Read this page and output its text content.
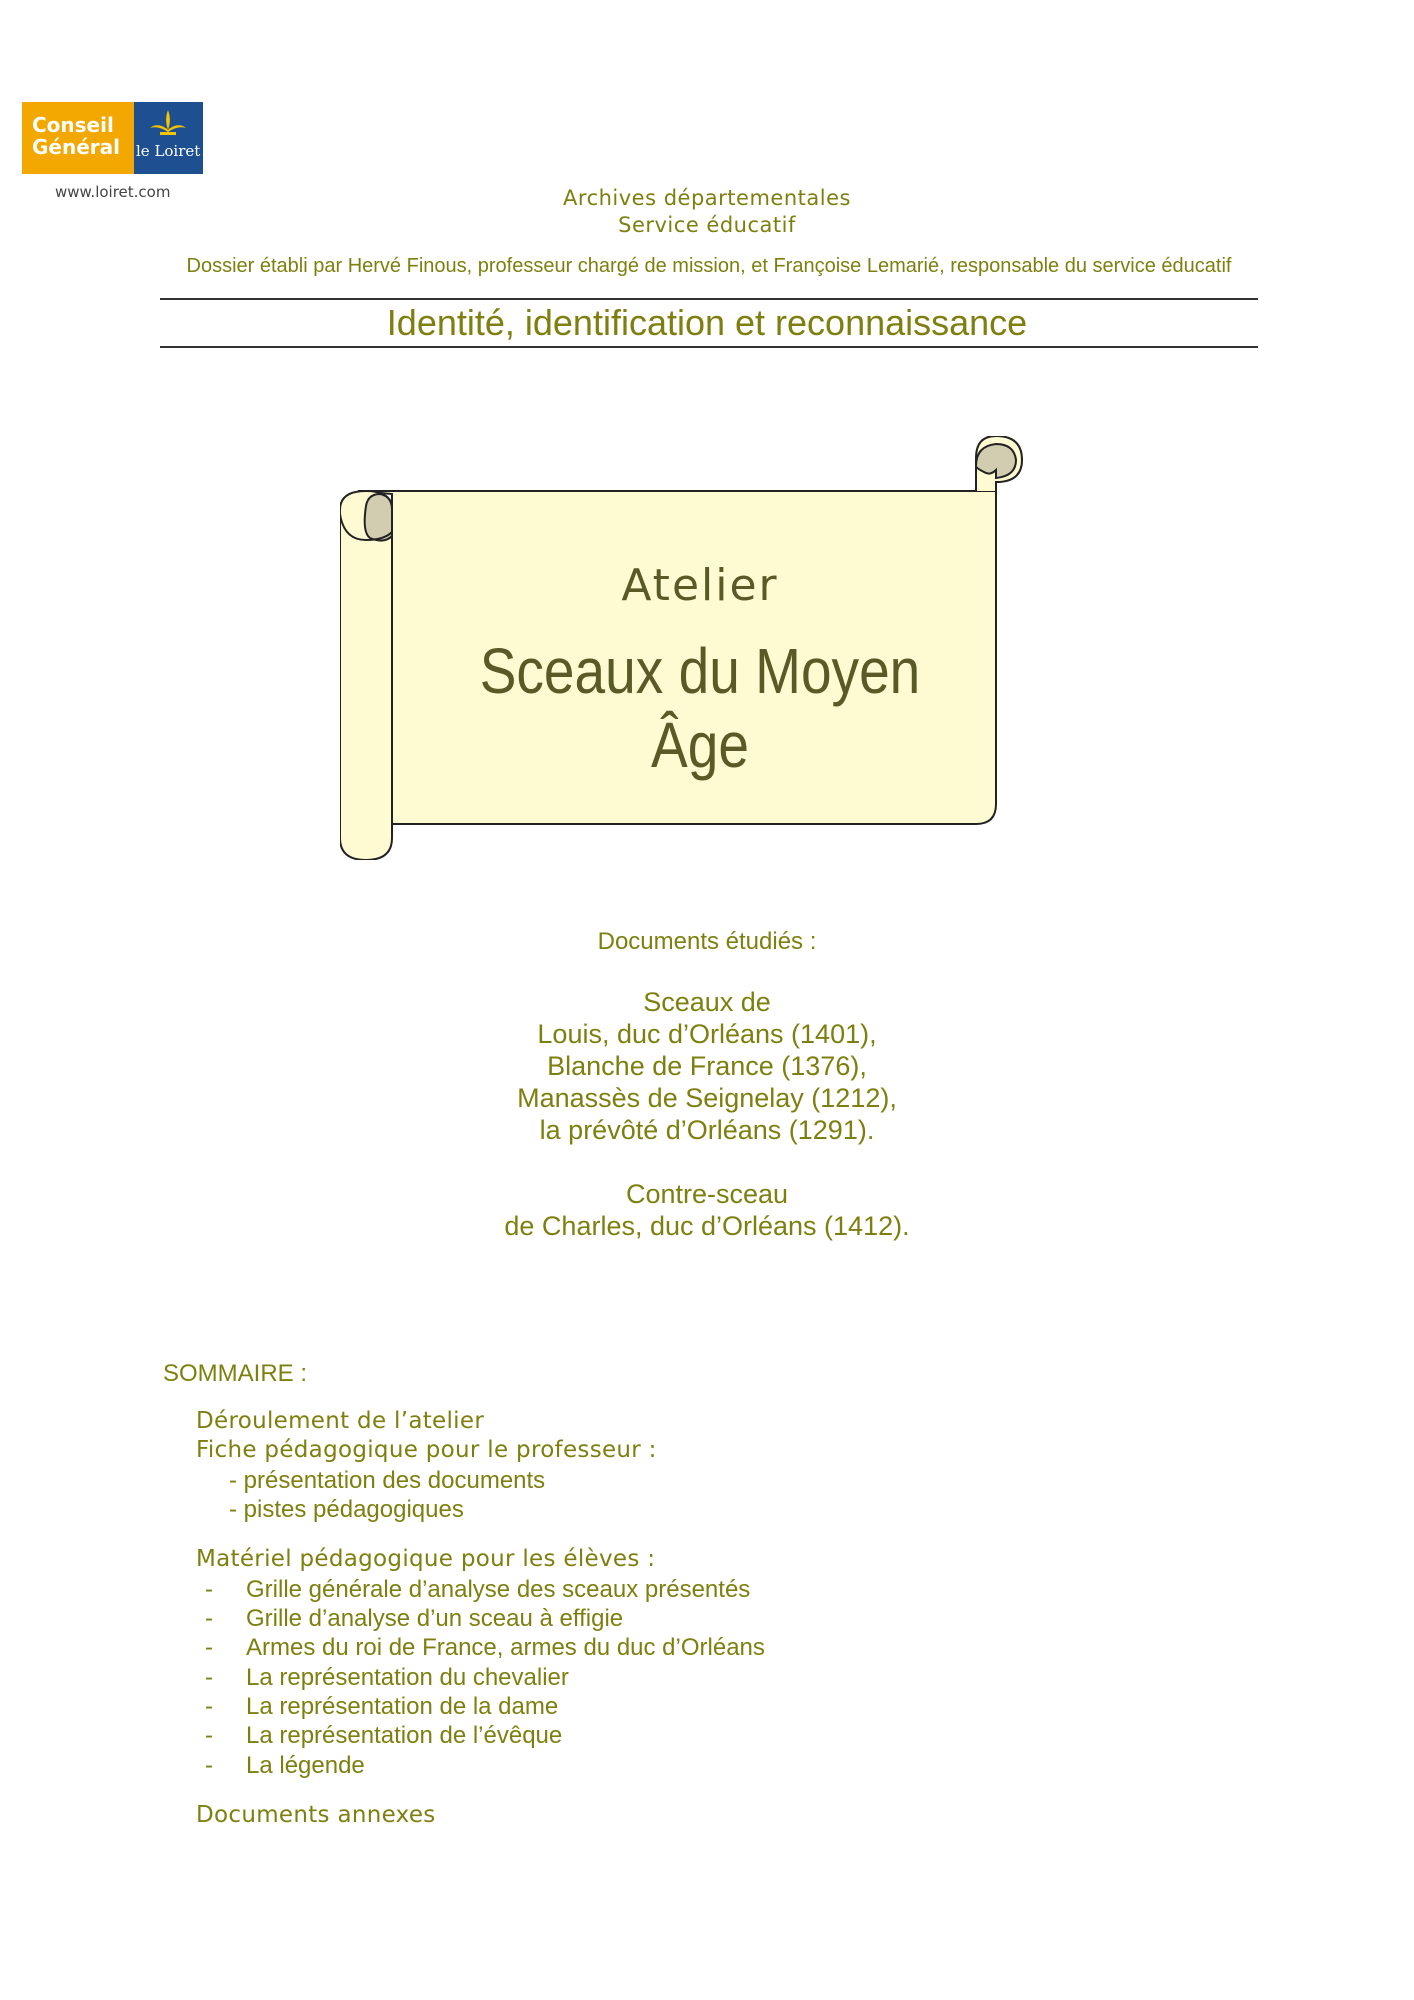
Conseil
Général le Loiret
www.loiret.com	Archives départementales
Service éducatif
Dossier établi par Hervé Finous, professeur chargé de mission, et Françoise Lemarié, responsable du service éducatif
Identité, identification et reconnaissance
Atelier
Sceaux du Moyen Âge
Documents étudiés :
Sceaux de
Louis, duc d’Orléans (1401),
Blanche de France (1376),
Manassès de Seignelay (1212),
la prévôté d’Orléans (1291).
Contre-sceau
de Charles, duc d’Orléans (1412).
SOMMAIRE :
Déroulement de l’atelier
Fiche pédagogique pour le professeur :
- présentation des documents
- pistes pédagogiques
Matériel pédagogique pour les élèves :
- Grille générale d’analyse des sceaux présentés
- Grille d’analyse d’un sceau à effigie
- Armes du roi de France, armes du duc d’Orléans
- La représentation du chevalier
- La représentation de la dame
- La représentation de l’évêque
- La légende
Documents annexes
